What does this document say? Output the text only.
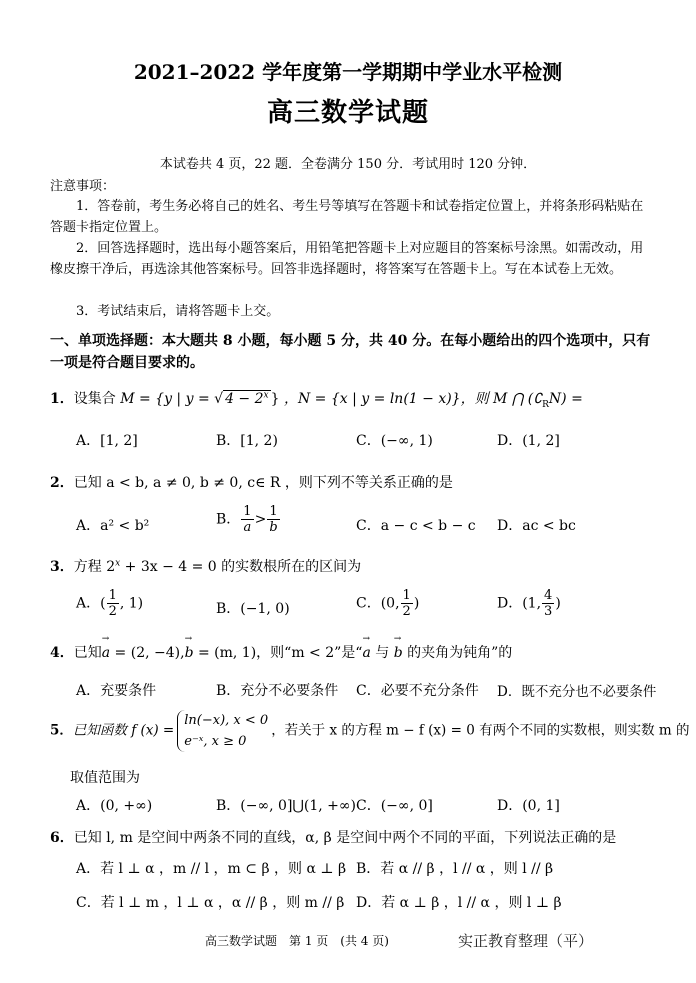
2021–2022 学年度第一学期期中学业水平检测
高三数学试题
本试卷共 4 页，22 题．全卷满分 150 分．考试用时 120 分钟．
注意事项：
1．答卷前，考生务必将自己的姓名、考生号等填写在答题卡和试卷指定位置上，并将条形码粘贴在答题卡指定位置上。
2．回答选择题时，选出每小题答案后，用铅笔把答题卡上对应题目的答案标号涂黑。如需改动，用橡皮擦干净后，再选涂其他答案标号。回答非选择题时，将答案写在答题卡上。写在本试卷上无效。
3．考试结束后，请将答题卡上交。
一、单项选择题：本大题共 8 小题，每小题 5 分，共 40 分。在每小题给出的四个选项中，只有一项是符合题目要求的。
1．设集合 M = {y | y = √ $4 - 2^x$ } ，N = {x | y = ln(1 − x)}，则 M ⋂ $(∁_RN)$ =
A．[1, 2]	B．[1, 2)	C．(−∞, 1)	D．(1, 2]
2．已知 a < b, a ≠ 0, b ≠ 0, c∈ R ，则下列不等关系正确的是
A．a² < b²	B． $\frac{1}{a} > \frac{1}{b}$	C．a − c < b − c D．ac < bc
3．方程 $2^x + 3x - 4 = 0$ 的实数根所在的区间为
A．( $\frac{1}{2}$ , 1)	B．(−1, 0)	C．(0, $\frac{1}{2}$ )	D．(1, $\frac{4}{3}$ )
4．已知→ a = (2, −4),→ b = (m, 1)，则“m < 2”是“→ a 与 → b 的夹角为钝角”的
A．充要条件	B．充分不必要条件 C．必要不充分条件 D．既不充分也不必要条件
5．已知函数 f (x) =ln(−x), x < 0
e⁻ˣ, x ≥ 0，若关于 x 的方程 m − f (x) = 0 有两个不同的实数根，则实数 m 的
取值范围为
A．(0, +∞)	B．(−∞, 0]⋃(1, +∞) C．(−∞, 0]	D．(0, 1]
6．已知 l, m 是空间中两条不同的直线，α, β 是空间中两个不同的平面，下列说法正确的是
A．若 l ⊥ α ，m // l ，m ⊂ β ，则 α ⊥ β B．若 α // β ，l // α ，则 l // β
C．若 l ⊥ m ，l ⊥ α ，α // β ，则 m // β D．若 α ⊥ β ，l // α ，则 l ⊥ β
高三数学试题　第 1 页　(共 4 页)	实正教育整理（平）
